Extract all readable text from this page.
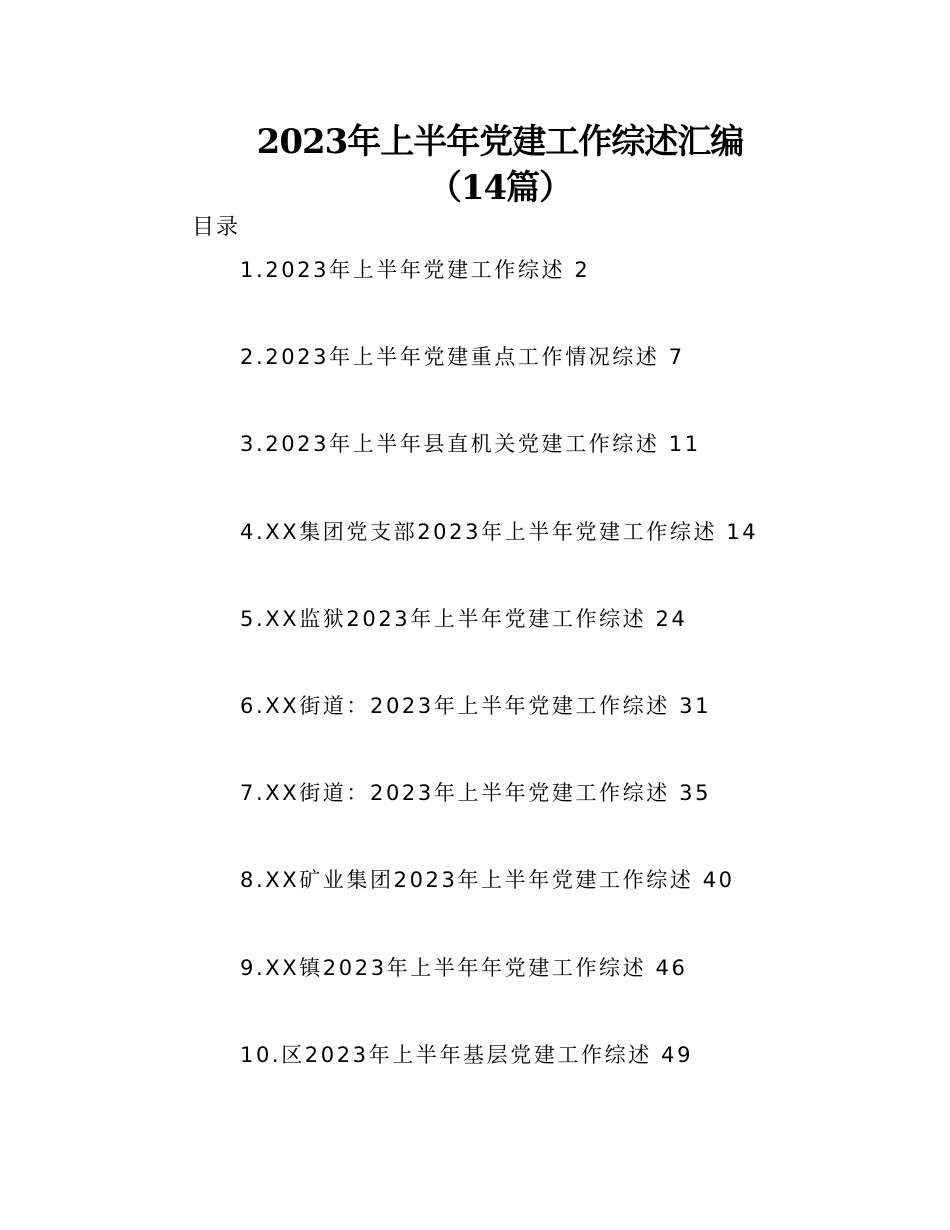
2023年上半年党建工作综述汇编
（14篇）
目录
1.2023年上半年党建工作综述 2
2.2023年上半年党建重点工作情况综述 7
3.2023年上半年县直机关党建工作综述 11
4.XX集团党支部2023年上半年党建工作综述 14
5.XX监狱2023年上半年党建工作综述 24
6.XX街道：2023年上半年党建工作综述 31
7.XX街道：2023年上半年党建工作综述 35
8.XX矿业集团2023年上半年党建工作综述 40
9.XX镇2023年上半年年党建工作综述 46
10.区2023年上半年基层党建工作综述 49
